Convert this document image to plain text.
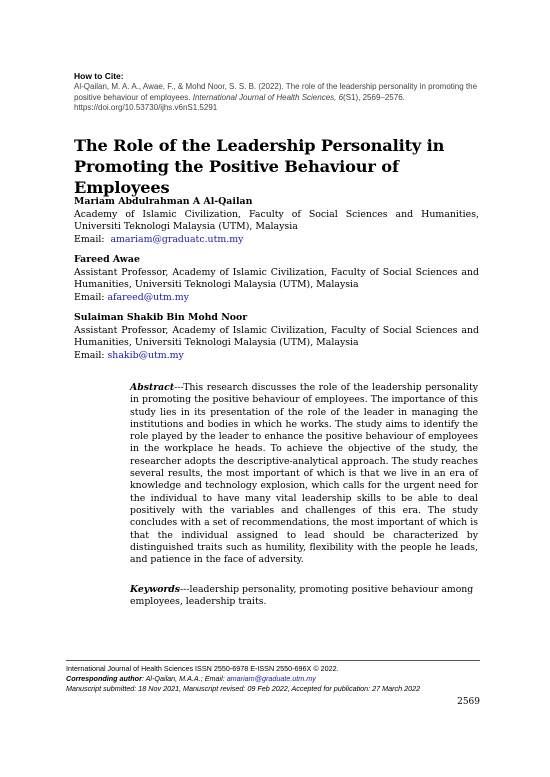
How to Cite:
Al-Qailan, M. A. A., Awae, F., & Mohd Noor, S. S. B. (2022). The role of the leadership personality in promoting the positive behaviour of employees. International Journal of Health Sciences, 6(S1), 2569–2576. https://doi.org/10.53730/ijhs.v6nS1.5291
The Role of the Leadership Personality in Promoting the Positive Behaviour of Employees
Mariam Abdulrahman A Al-Qailan
Academy of Islamic Civilization, Faculty of Social Sciences and Humanities, Universiti Teknologi Malaysia (UTM), Malaysia
Email: amariam@graduatc.utm.my
Fareed Awae
Assistant Professor, Academy of Islamic Civilization, Faculty of Social Sciences and Humanities, Universiti Teknologi Malaysia (UTM), Malaysia
Email: afareed@utm.my
Sulaiman Shakib Bin Mohd Noor
Assistant Professor, Academy of Islamic Civilization, Faculty of Social Sciences and Humanities, Universiti Teknologi Malaysia (UTM), Malaysia
Email: shakib@utm.my
Abstract---This research discusses the role of the leadership personality in promoting the positive behaviour of employees. The importance of this study lies in its presentation of the role of the leader in managing the institutions and bodies in which he works. The study aims to identify the role played by the leader to enhance the positive behaviour of employees in the workplace he heads. To achieve the objective of the study, the researcher adopts the descriptive-analytical approach. The study reaches several results, the most important of which is that we live in an era of knowledge and technology explosion, which calls for the urgent need for the individual to have many vital leadership skills to be able to deal positively with the variables and challenges of this era. The study concludes with a set of recommendations, the most important of which is that the individual assigned to lead should be characterized by distinguished traits such as humility, flexibility with the people he leads, and patience in the face of adversity.
Keywords---leadership personality, promoting positive behaviour among employees, leadership traits.
International Journal of Health Sciences ISSN 2550-6978 E-ISSN 2550-696X © 2022.
Corresponding author: Al-Qailan, M.A.A.; Email: amariam@graduate.utm.my
Manuscript submitted: 18 Nov 2021, Manuscript revised: 09 Feb 2022, Accepted for publication: 27 March 2022
2569
